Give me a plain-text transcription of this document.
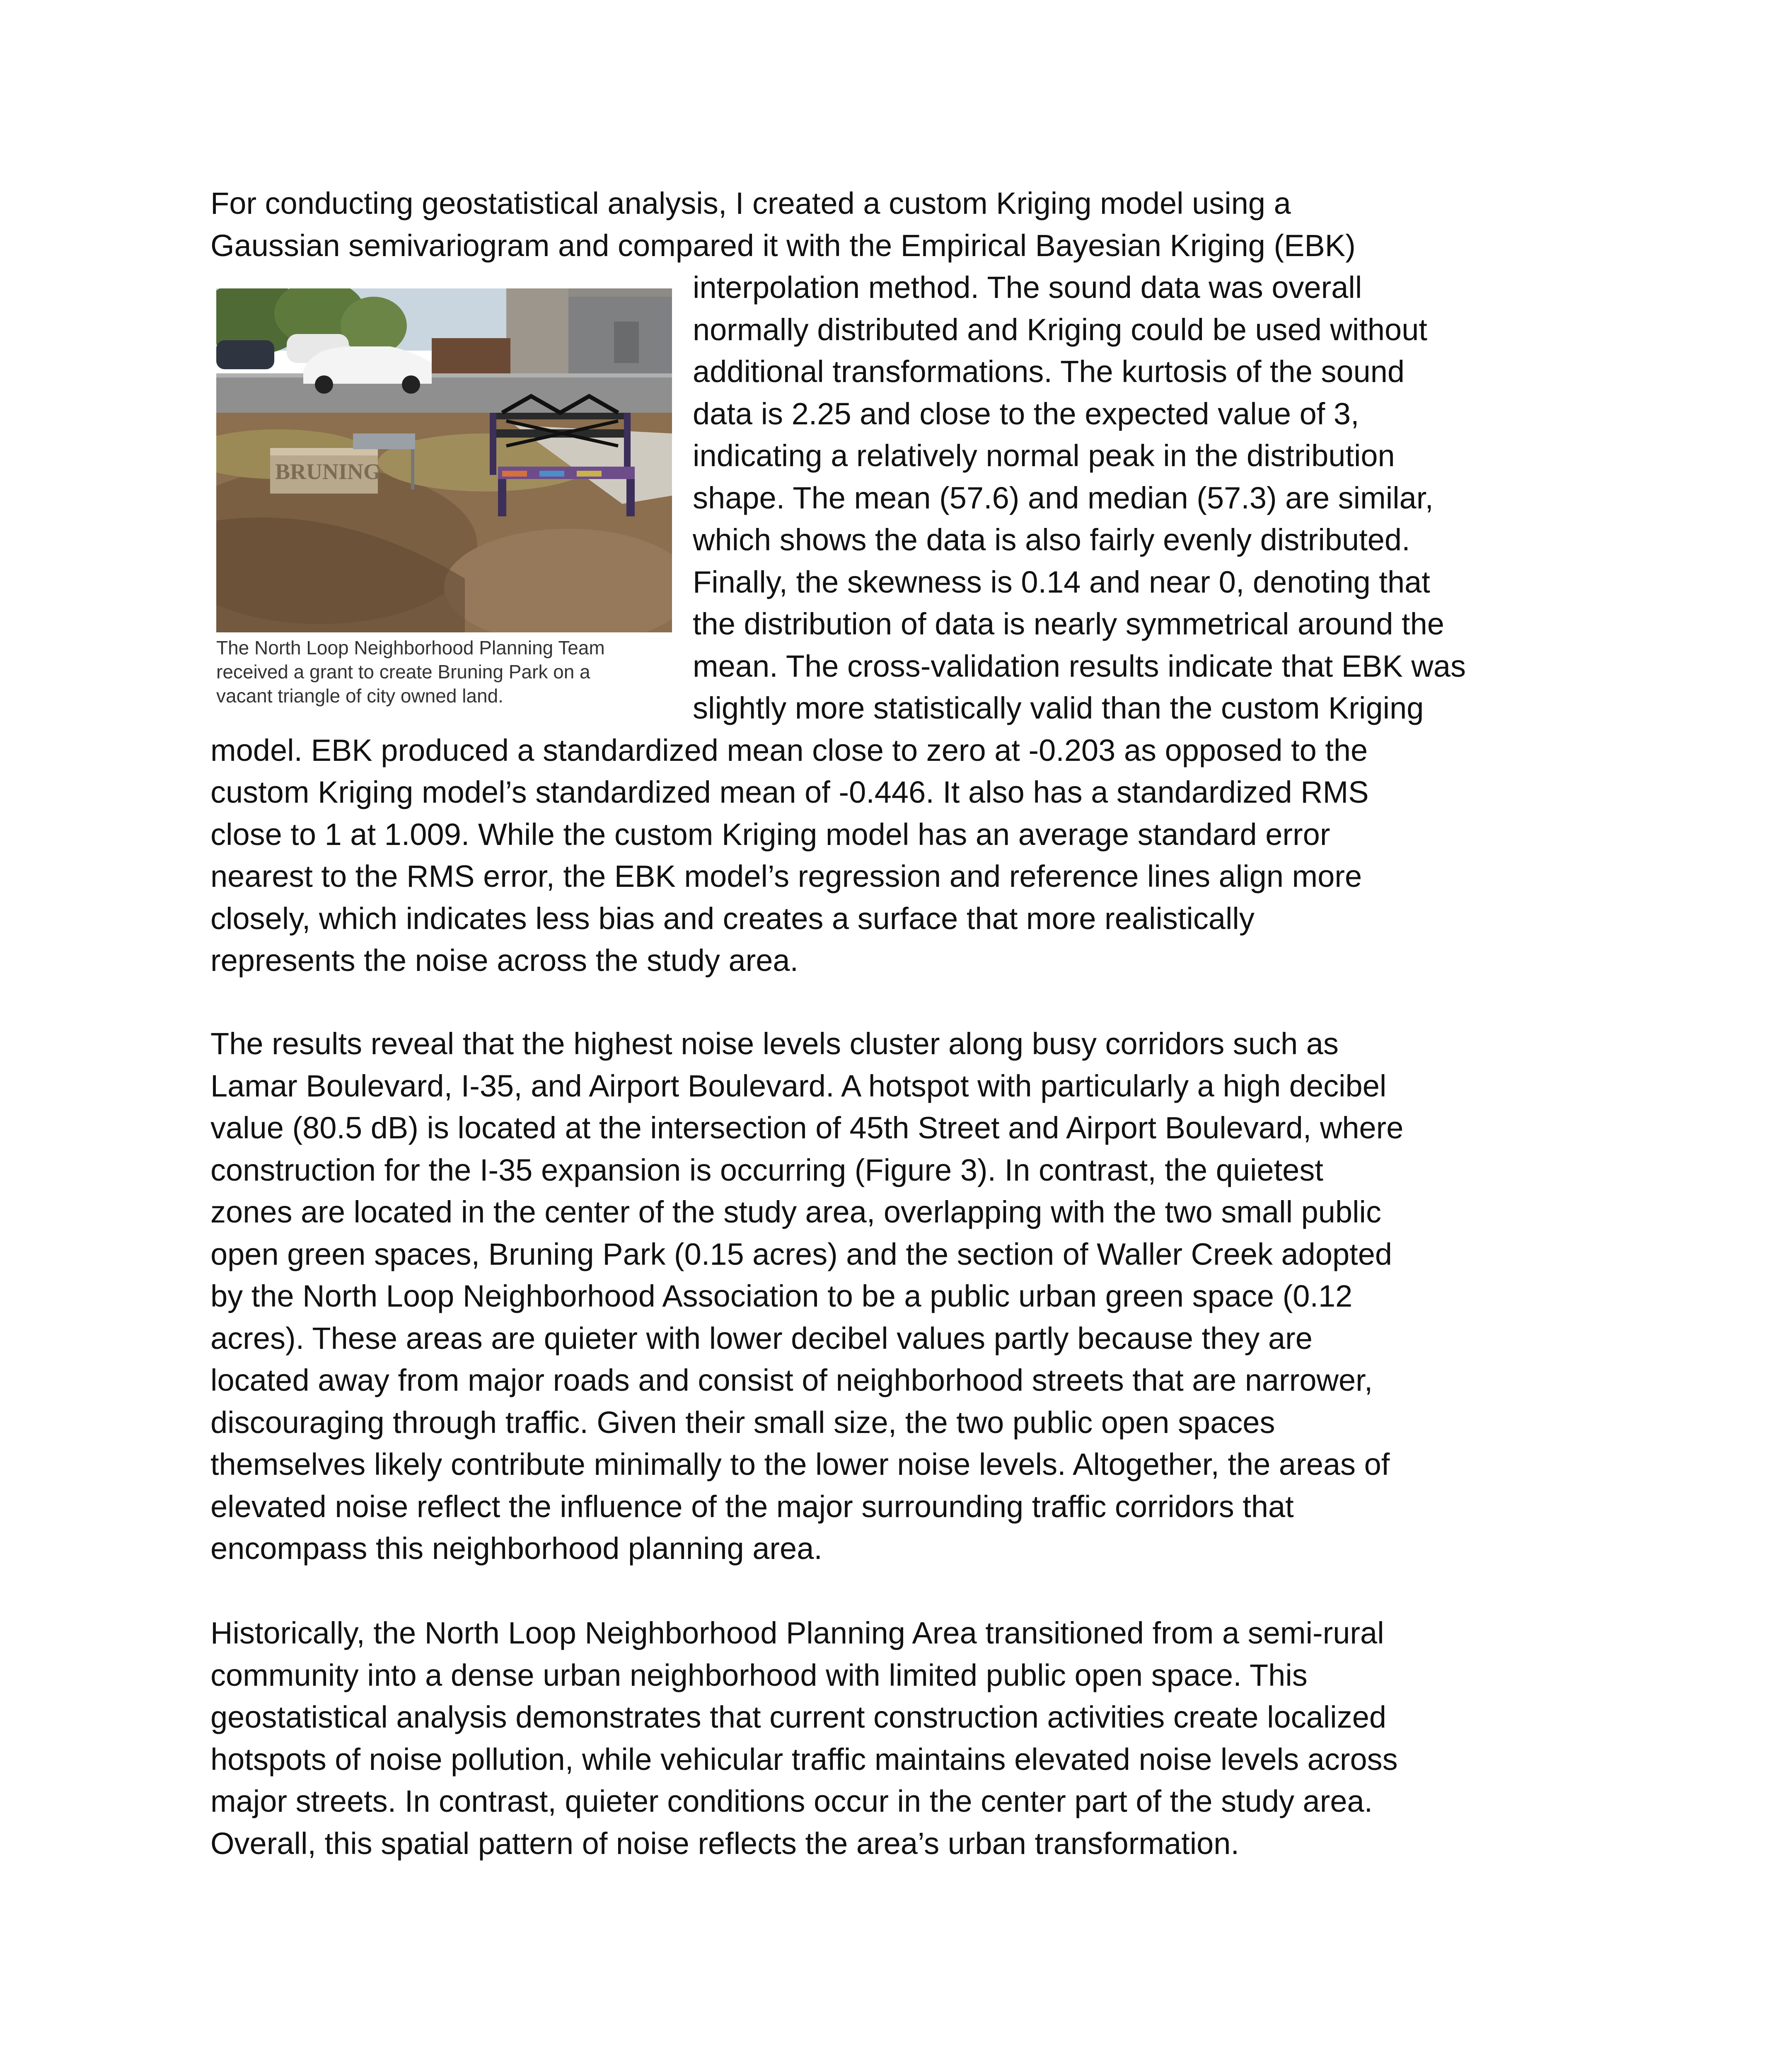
For conducting geostatistical analysis, I created a custom Kriging model using a
Gaussian semivariogram and compared it with the Empirical Bayesian Kriging (EBK)
interpolation method. The sound data was overall
normally distributed and Kriging could be used without
additional transformations. The kurtosis of the sound
data is 2.25 and close to the expected value of 3,
indicating a relatively normal peak in the distribution
shape. The mean (57.6) and median (57.3) are similar,
which shows the data is also fairly evenly distributed.
Finally, the skewness is 0.14 and near 0, denoting that
the distribution of data is nearly symmetrical around the
mean. The cross-validation results indicate that EBK was
slightly more statistically valid than the custom Kriging
model. EBK produced a standardized mean close to zero at -0.203 as opposed to the
custom Kriging model’s standardized mean of -0.446. It also has a standardized RMS
close to 1 at 1.009. While the custom Kriging model has an average standard error
nearest to the RMS error, the EBK model’s regression and reference lines align more
closely, which indicates less bias and creates a surface that more realistically
represents the noise across the study area.
BRUNING
The North Loop Neighborhood Planning Team
received a grant to create Bruning Park on a
vacant triangle of city owned land.
The results reveal that the highest noise levels cluster along busy corridors such as
Lamar Boulevard, I-35, and Airport Boulevard. A hotspot with particularly a high decibel
value (80.5 dB) is located at the intersection of 45th Street and Airport Boulevard, where
construction for the I-35 expansion is occurring (Figure 3). In contrast, the quietest
zones are located in the center of the study area, overlapping with the two small public
open green spaces, Bruning Park (0.15 acres) and the section of Waller Creek adopted
by the North Loop Neighborhood Association to be a public urban green space (0.12
acres). These areas are quieter with lower decibel values partly because they are
located away from major roads and consist of neighborhood streets that are narrower,
discouraging through traffic. Given their small size, the two public open spaces
themselves likely contribute minimally to the lower noise levels. Altogether, the areas of
elevated noise reflect the influence of the major surrounding traffic corridors that
encompass this neighborhood planning area.
Historically, the North Loop Neighborhood Planning Area transitioned from a semi-rural
community into a dense urban neighborhood with limited public open space. This
geostatistical analysis demonstrates that current construction activities create localized
hotspots of noise pollution, while vehicular traffic maintains elevated noise levels across
major streets. In contrast, quieter conditions occur in the center part of the study area.
Overall, this spatial pattern of noise reflects the area’s urban transformation.
